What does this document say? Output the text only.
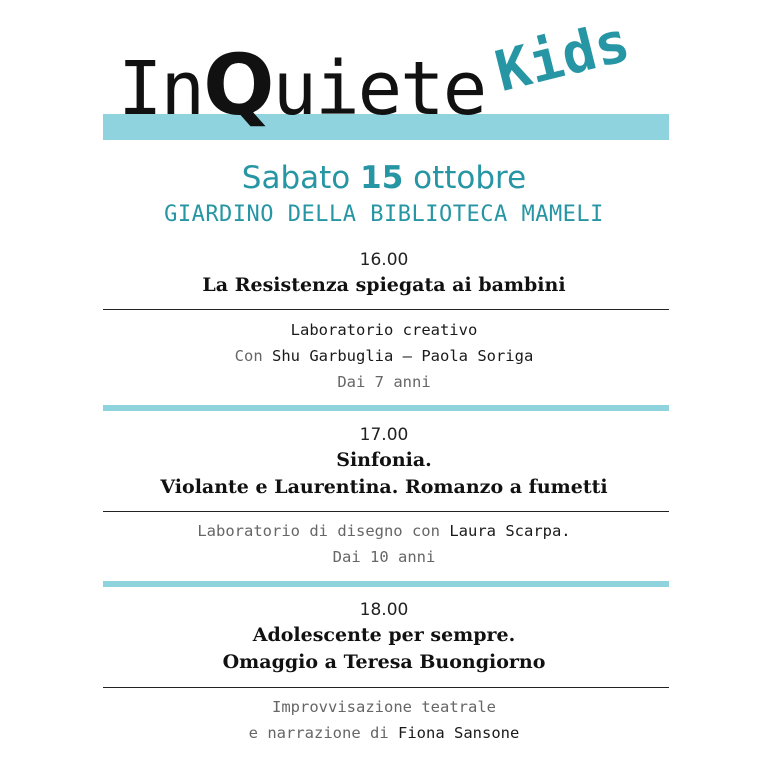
InQuiete Kids
Sabato 15 ottobre
GIARDINO DELLA BIBLIOTECA MAMELI
16.00
La Resistenza spiegata ai bambini
Laboratorio creativo
Con Shu Garbuglia — Paola Soriga
Dai 7 anni
17.00
Sinfonia.
Violante e Laurentina. Romanzo a fumetti
Laboratorio di disegno con Laura Scarpa.
Dai 10 anni
18.00
Adolescente per sempre.
Omaggio a Teresa Buongiorno
Improvvisazione teatrale
e narrazione di Fiona Sansone
